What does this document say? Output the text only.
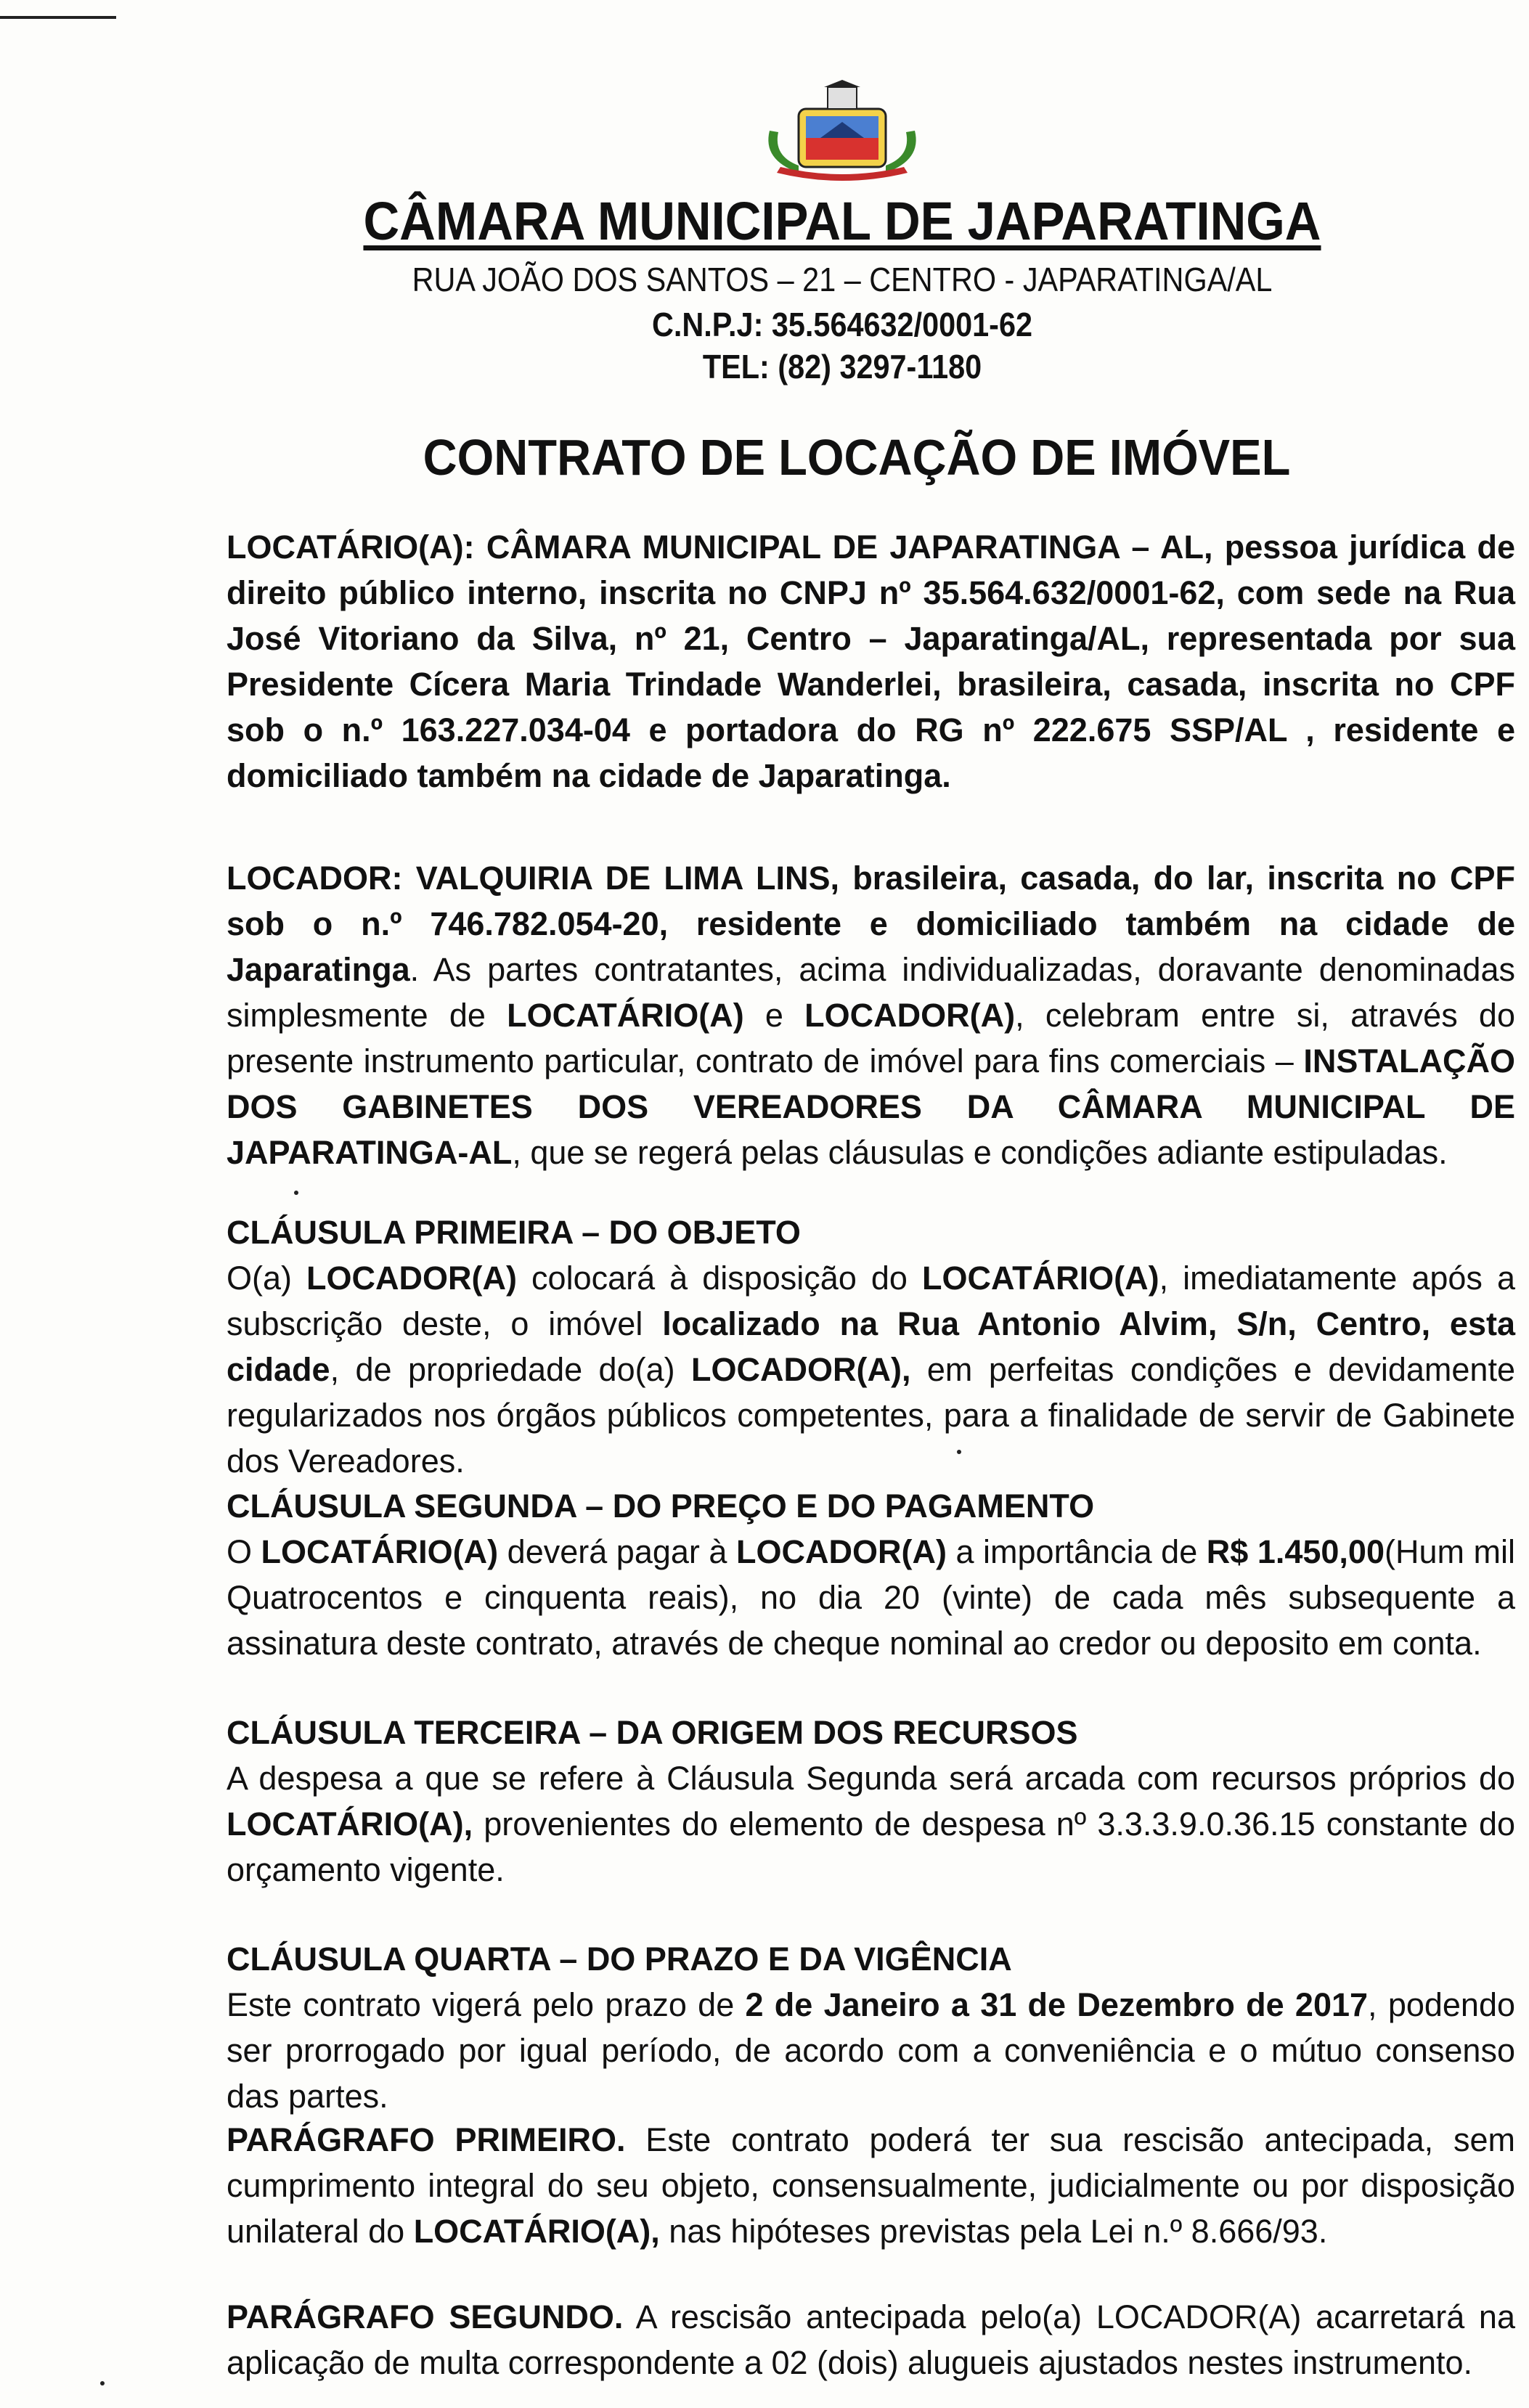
CÂMARA MUNICIPAL DE JAPARATINGA
RUA JOÃO DOS SANTOS – 21 – CENTRO - JAPARATINGA/AL
C.N.P.J: 35.564632/0001-62
TEL: (82) 3297-1180
CONTRATO DE LOCAÇÃO DE IMÓVEL
LOCATÁRIO(A): CÂMARA MUNICIPAL DE JAPARATINGA – AL, pessoa jurídica de direito público interno, inscrita no CNPJ nº 35.564.632/0001-62, com sede na Rua José Vitoriano da Silva, nº 21, Centro – Japaratinga/AL, representada por sua Presidente Cícera Maria Trindade Wanderlei, brasileira, casada, inscrita no CPF sob o n.º 163.227.034-04 e portadora do RG nº 222.675 SSP/AL , residente e domiciliado também na cidade de Japaratinga.
LOCADOR: VALQUIRIA DE LIMA LINS, brasileira, casada, do lar, inscrita no CPF sob o n.º 746.782.054-20, residente e domiciliado também na cidade de Japaratinga. As partes contratantes, acima individualizadas, doravante denominadas simplesmente de LOCATÁRIO(A) e LOCADOR(A), celebram entre si, através do presente instrumento particular, contrato de imóvel para fins comerciais – INSTALAÇÃO DOS GABINETES DOS VEREADORES DA CÂMARA MUNICIPAL DE JAPARATINGA-AL, que se regerá pelas cláusulas e condições adiante estipuladas.
CLÁUSULA PRIMEIRA – DO OBJETO
O(a) LOCADOR(A) colocará à disposição do LOCATÁRIO(A), imediatamente após a subscrição deste, o imóvel localizado na Rua Antonio Alvim, S/n, Centro, esta cidade, de propriedade do(a) LOCADOR(A), em perfeitas condições e devidamente regularizados nos órgãos públicos competentes, para a finalidade de servir de Gabinete dos Vereadores.
CLÁUSULA SEGUNDA – DO PREÇO E DO PAGAMENTO
O LOCATÁRIO(A) deverá pagar à LOCADOR(A) a importância de R$ 1.450,00(Hum mil Quatrocentos e cinquenta reais), no dia 20 (vinte) de cada mês subsequente a assinatura deste contrato, através de cheque nominal ao credor ou deposito em conta.
CLÁUSULA TERCEIRA – DA ORIGEM DOS RECURSOS
A despesa a que se refere à Cláusula Segunda será arcada com recursos próprios do LOCATÁRIO(A), provenientes do elemento de despesa nº 3.3.3.9.0.36.15 constante do orçamento vigente.
CLÁUSULA QUARTA – DO PRAZO E DA VIGÊNCIA
Este contrato vigerá pelo prazo de 2 de Janeiro a 31 de Dezembro de 2017, podendo ser prorrogado por igual período, de acordo com a conveniência e o mútuo consenso das partes.
PARÁGRAFO PRIMEIRO. Este contrato poderá ter sua rescisão antecipada, sem cumprimento integral do seu objeto, consensualmente, judicialmente ou por disposição unilateral do LOCATÁRIO(A), nas hipóteses previstas pela Lei n.º 8.666/93.
PARÁGRAFO SEGUNDO. A rescisão antecipada pelo(a) LOCADOR(A) acarretará na aplicação de multa correspondente a 02 (dois) alugueis ajustados nestes instrumento.
